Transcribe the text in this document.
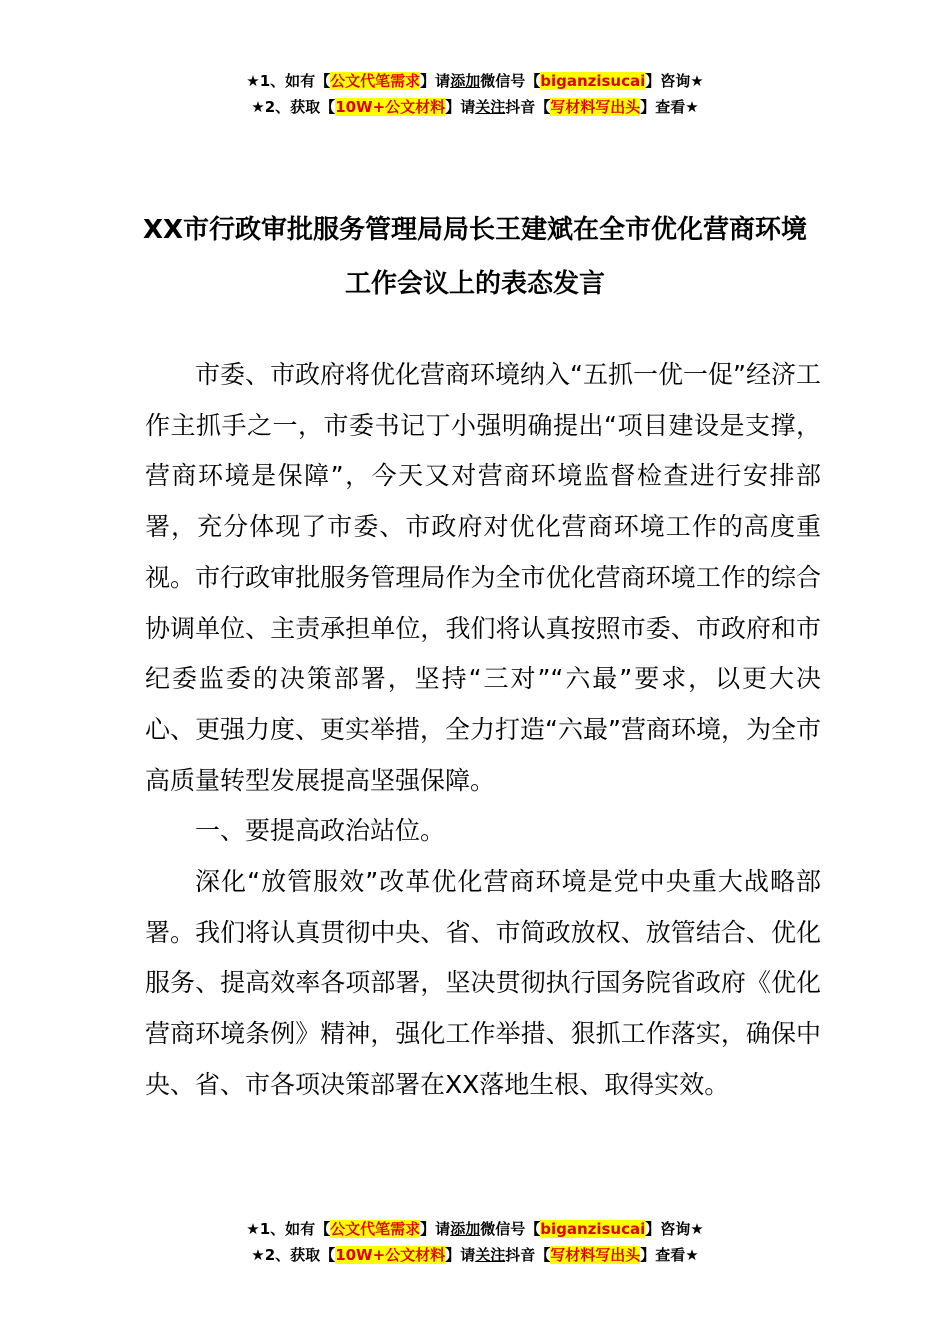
★1、如有【公文代笔需求】请添加微信号【biganzisucai】咨询★
★2、获取【10W+公文材料】请关注抖音【写材料写出头】查看★
XX市行政审批服务管理局局长王建斌在全市优化营商环境
工作会议上的表态发言

市委、市政府将优化营商环境纳入“五抓一优一促”经济工作主抓手之一，市委书记丁小强明确提出“项目建设是支撑，营商环境是保障”，今天又对营商环境监督检查进行安排部署，充分体现了市委、市政府对优化营商环境工作的高度重视。市行政审批服务管理局作为全市优化营商环境工作的综合协调单位、主责承担单位，我们将认真按照市委、市政府和市纪委监委的决策部署，坚持“三对”“六最”要求，以更大决心、更强力度、更实举措，全力打造“六最”营商环境，为全市高质量转型发展提高坚强保障。

一、要提高政治站位。

深化“放管服效”改革优化营商环境是党中央重大战略部署。我们将认真贯彻中央、省、市简政放权、放管结合、优化服务、提高效率各项部署，坚决贯彻执行国务院省政府《优化营商环境条例》精神，强化工作举措、狠抓工作落实，确保中央、省、市各项决策部署在XX落地生根、取得实效。

★1、如有【公文代笔需求】请添加微信号【biganzisucai】咨询★
★2、获取【10W+公文材料】请关注抖音【写材料写出头】查看★
